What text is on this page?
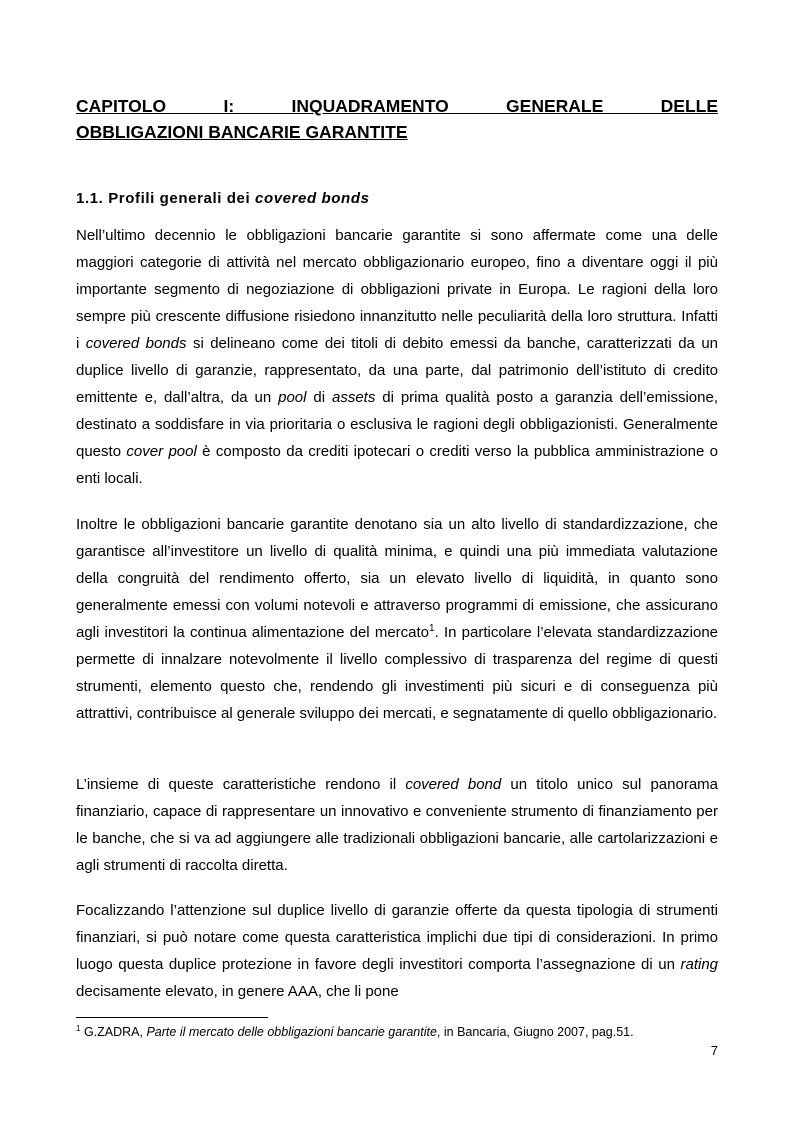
CAPITOLO I: INQUADRAMENTO GENERALE DELLE
OBBLIGAZIONI BANCARIE GARANTITE
1.1. Profili generali dei covered bonds

Nell’ultimo decennio le obbligazioni bancarie garantite si sono affermate come una delle maggiori categorie di attività nel mercato obbligazionario europeo, fino a diventare oggi il più importante segmento di negoziazione di obbligazioni private in Europa. Le ragioni della loro sempre più crescente diffusione risiedono innanzitutto nelle peculiarità della loro struttura. Infatti i covered bonds si delineano come dei titoli di debito emessi da banche, caratterizzati da un duplice livello di garanzie, rappresentato, da una parte, dal patrimonio dell’istituto di credito emittente e, dall’altra, da un pool di assets di prima qualità posto a garanzia dell’emissione, destinato a soddisfare in via prioritaria o esclusiva le ragioni degli obbligazionisti. Generalmente questo cover pool è composto da crediti ipotecari o crediti verso la pubblica amministrazione o enti locali.

Inoltre le obbligazioni bancarie garantite denotano sia un alto livello di standardizzazione, che garantisce all’investitore un livello di qualità minima, e quindi una più immediata valutazione della congruità del rendimento offerto, sia un elevato livello di liquidità, in quanto sono generalmente emessi con volumi notevoli e attraverso programmi di emissione, che assicurano agli investitori la continua alimentazione del mercato$^1$. In particolare l’elevata standardizzazione permette di innalzare notevolmente il livello complessivo di trasparenza del regime di questi strumenti, elemento questo che, rendendo gli investimenti più sicuri e di conseguenza più attrattivi, contribuisce al generale sviluppo dei mercati, e segnatamente di quello obbligazionario.

L’insieme di queste caratteristiche rendono il covered bond un titolo unico sul panorama finanziario, capace di rappresentare un innovativo e conveniente strumento di finanziamento per le banche, che si va ad aggiungere alle tradizionali obbligazioni bancarie, alle cartolarizzazioni e agli strumenti di raccolta diretta.

Focalizzando l’attenzione sul duplice livello di garanzie offerte da questa tipologia di strumenti finanziari, si può notare come questa caratteristica implichi due tipi di considerazioni. In primo luogo questa duplice protezione in favore degli investitori comporta l’assegnazione di un rating decisamente elevato, in genere AAA, che li pone

$^1$ G.ZADRA, Parte il mercato delle obbligazioni bancarie garantite, in Bancaria, Giugno 2007, pag.51.

7
